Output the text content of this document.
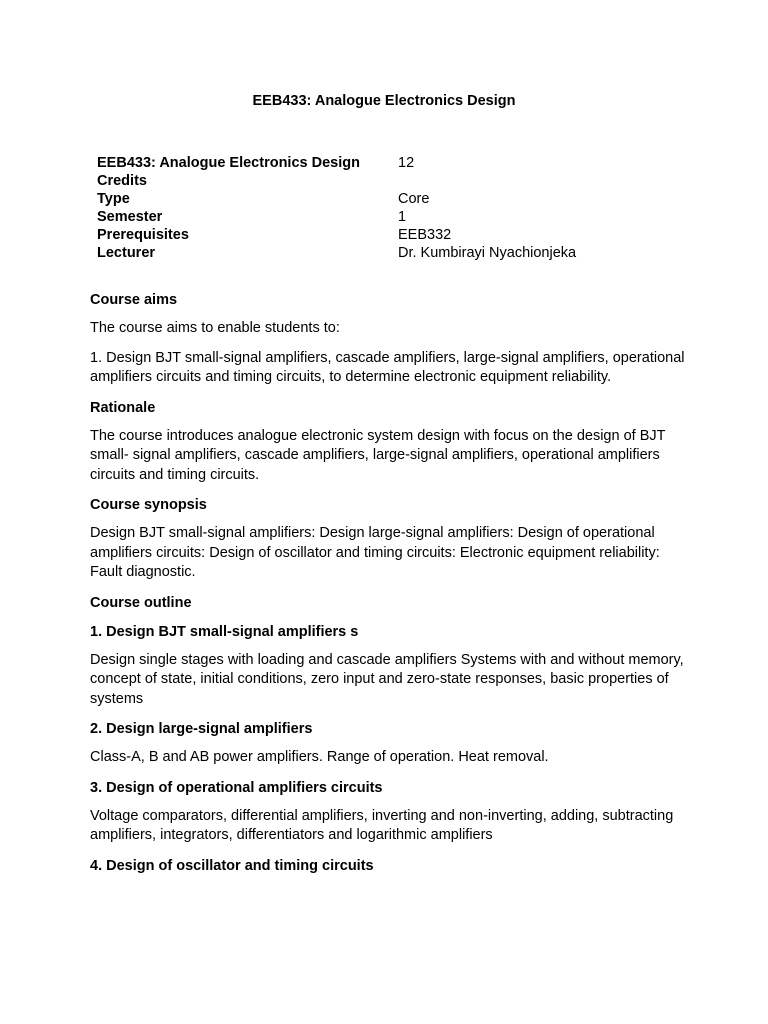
EEB433: Analogue Electronics Design
EEB433: Analogue Electronics Design	12
Credits	
Type	Core
Semester	1
Prerequisites	EEB332
Lecturer	Dr. Kumbirayi Nyachionjeka
Course aims

The course aims to enable students to:

1. Design BJT small-signal amplifiers, cascade amplifiers, large-signal amplifiers, operational amplifiers circuits and timing circuits, to determine electronic equipment reliability.

Rationale

The course introduces analogue electronic system design with focus on the design of BJT small- signal amplifiers, cascade amplifiers, large-signal amplifiers, operational amplifiers circuits and timing circuits.

Course synopsis

Design BJT small-signal amplifiers: Design large-signal amplifiers: Design of operational amplifiers circuits: Design of oscillator and timing circuits: Electronic equipment reliability: Fault diagnostic.

Course outline
1. Design BJT small-signal amplifiers s

Design single stages with loading and cascade amplifiers Systems with and without memory, concept of state, initial conditions, zero input and zero-state responses, basic properties of systems

2. Design large-signal amplifiers

Class-A, B and AB power amplifiers. Range of operation. Heat removal.

3. Design of operational amplifiers circuits

Voltage comparators, differential amplifiers, inverting and non-inverting, adding, subtracting amplifiers, integrators, differentiators and logarithmic amplifiers

4. Design of oscillator and timing circuits
